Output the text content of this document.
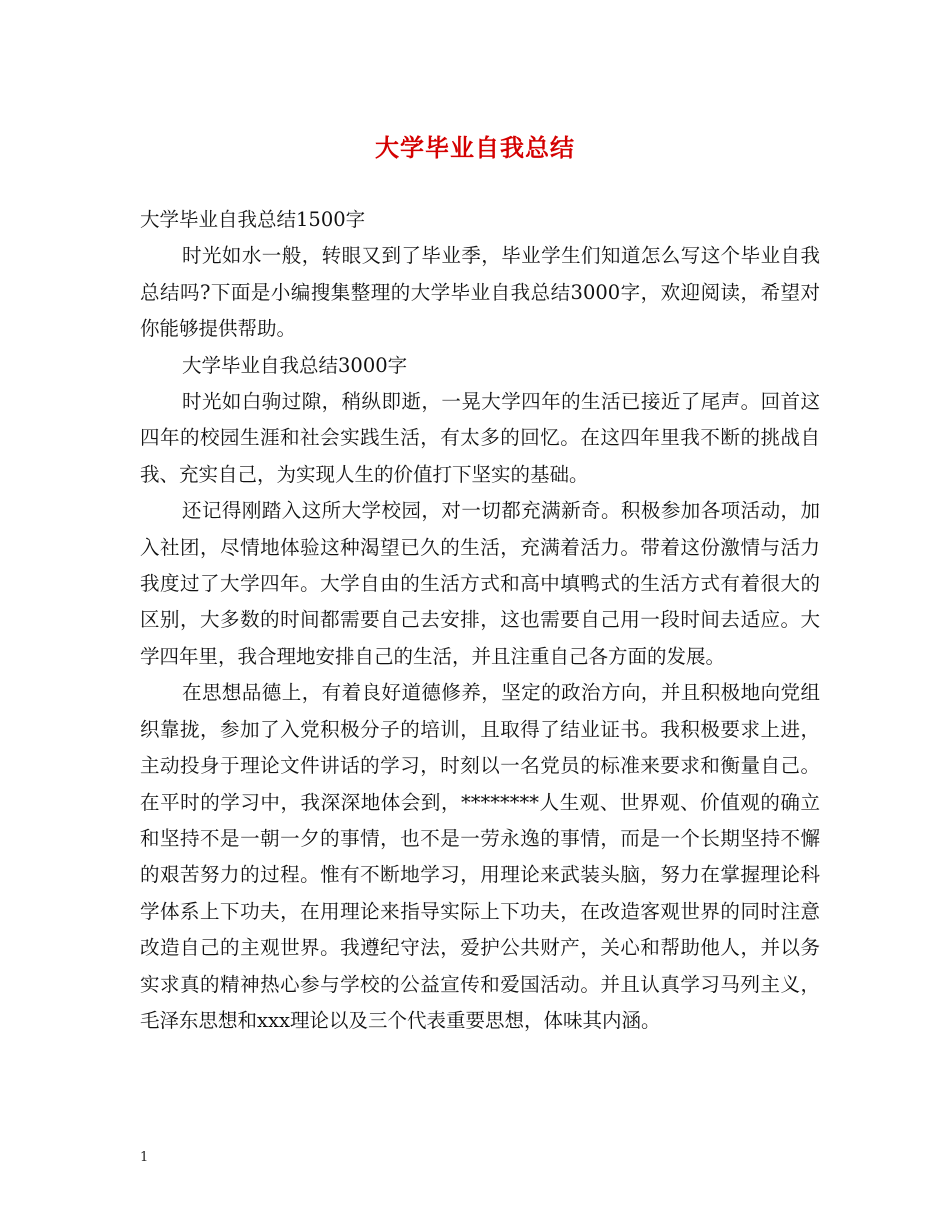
大学毕业自我总结

大学毕业自我总结1500字

时光如水一般，转眼又到了毕业季，毕业学生们知道怎么写这个毕业自我总结吗?下面是小编搜集整理的大学毕业自我总结3000字，欢迎阅读，希望对你能够提供帮助。

大学毕业自我总结3000字

时光如白驹过隙，稍纵即逝，一晃大学四年的生活已接近了尾声。回首这四年的校园生涯和社会实践生活，有太多的回忆。在这四年里我不断的挑战自我、充实自己，为实现人生的价值打下坚实的基础。

还记得刚踏入这所大学校园，对一切都充满新奇。积极参加各项活动，加入社团，尽情地体验这种渴望已久的生活，充满着活力。带着这份激情与活力我度过了大学四年。大学自由的生活方式和高中填鸭式的生活方式有着很大的区别，大多数的时间都需要自己去安排，这也需要自己用一段时间去适应。大学四年里，我合理地安排自己的生活，并且注重自己各方面的发展。

在思想品德上，有着良好道德修养，坚定的政治方向，并且积极地向党组织靠拢，参加了入党积极分子的培训，且取得了结业证书。我积极要求上进，主动投身于理论文件讲话的学习，时刻以一名党员的标准来要求和衡量自己。在平时的学习中，我深深地体会到，********人生观、世界观、价值观的确立和坚持不是一朝一夕的事情，也不是一劳永逸的事情，而是一个长期坚持不懈的艰苦努力的过程。惟有不断地学习，用理论来武装头脑，努力在掌握理论科学体系上下功夫，在用理论来指导实际上下功夫，在改造客观世界的同时注意改造自己的主观世界。我遵纪守法，爱护公共财产，关心和帮助他人，并以务实求真的精神热心参与学校的公益宣传和爱国活动。并且认真学习马列主义，毛泽东思想和xxx理论以及三个代表重要思想，体味其内涵。

1
